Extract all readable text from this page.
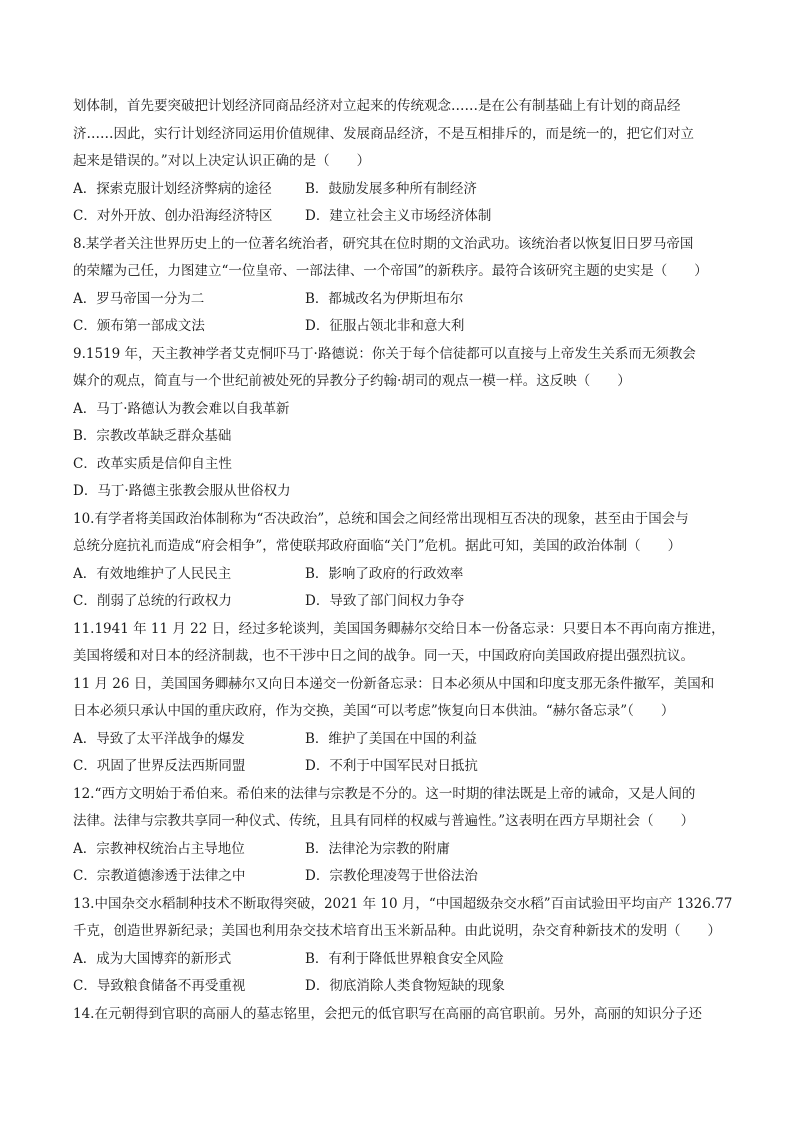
划体制，首先要突破把计划经济同商品经济对立起来的传统观念……是在公有制基础上有计划的商品经
济……因此，实行计划经济同运用价值规律、发展商品经济，不是互相排斥的，而是统一的，把它们对立
起来是错误的。”对以上决定认识正确的是（　　）
A．探索克服计划经济弊病的途径	B．鼓励发展多种所有制经济
C．对外开放、创办沿海经济特区	D．建立社会主义市场经济体制
8.某学者关注世界历史上的一位著名统治者，研究其在位时期的文治武功。该统治者以恢复旧日罗马帝国
的荣耀为己任，力图建立“一位皇帝、一部法律、一个帝国”的新秩序。最符合该研究主题的史实是（　　）
A．罗马帝国一分为二	B．都城改名为伊斯坦布尔
C．颁布第一部成文法	D．征服占领北非和意大利
9.1519 年，天主教神学者艾克恫吓马丁·路德说：你关于每个信徒都可以直接与上帝发生关系而无须教会
媒介的观点，简直与一个世纪前被处死的异教分子约翰·胡司的观点一模一样。这反映（　　）
A．马丁·路德认为教会难以自我革新
B．宗教改革缺乏群众基础
C．改革实质是信仰自主性
D．马丁·路德主张教会服从世俗权力
10.有学者将美国政治体制称为“否决政治”，总统和国会之间经常出现相互否决的现象，甚至由于国会与
总统分庭抗礼而造成“府会相争”，常使联邦政府面临“关门”危机。据此可知，美国的政治体制（　　）
A．有效地维护了人民民主	B．影响了政府的行政效率
C．削弱了总统的行政权力	D．导致了部门间权力争夺
11.1941 年 11 月 22 日，经过多轮谈判，美国国务卿赫尔交给日本一份备忘录：只要日本不再向南方推进，
美国将缓和对日本的经济制裁，也不干涉中日之间的战争。同一天，中国政府向美国政府提出强烈抗议。
11 月 26 日，美国国务卿赫尔又向日本递交一份新备忘录：日本必须从中国和印度支那无条件撤军，美国和
日本必须只承认中国的重庆政府，作为交换，美国“可以考虑”恢复向日本供油。“赫尔备忘录”（　　）
A．导致了太平洋战争的爆发	B．维护了美国在中国的利益
C．巩固了世界反法西斯同盟	D．不利于中国军民对日抵抗
12.“西方文明始于希伯来。希伯来的法律与宗教是不分的。这一时期的律法既是上帝的诫命，又是人间的
法律。法律与宗教共享同一种仪式、传统，且具有同样的权威与普遍性。”这表明在西方早期社会（　　）
A．宗教神权统治占主导地位	B．法律沦为宗教的附庸
C．宗教道德渗透于法律之中	D．宗教伦理凌驾于世俗法治
13.中国杂交水稻制种技术不断取得突破，2021 年 10 月，“中国超级杂交水稻”百亩试验田平均亩产 1326.77
千克，创造世界新纪录；美国也利用杂交技术培育出玉米新品种。由此说明，杂交育种新技术的发明（　　）
A．成为大国博弈的新形式	B．有利于降低世界粮食安全风险
C．导致粮食储备不再受重视	D．彻底消除人类食物短缺的现象
14.在元朝得到官职的高丽人的墓志铭里，会把元的低官职写在高丽的高官职前。另外，高丽的知识分子还
